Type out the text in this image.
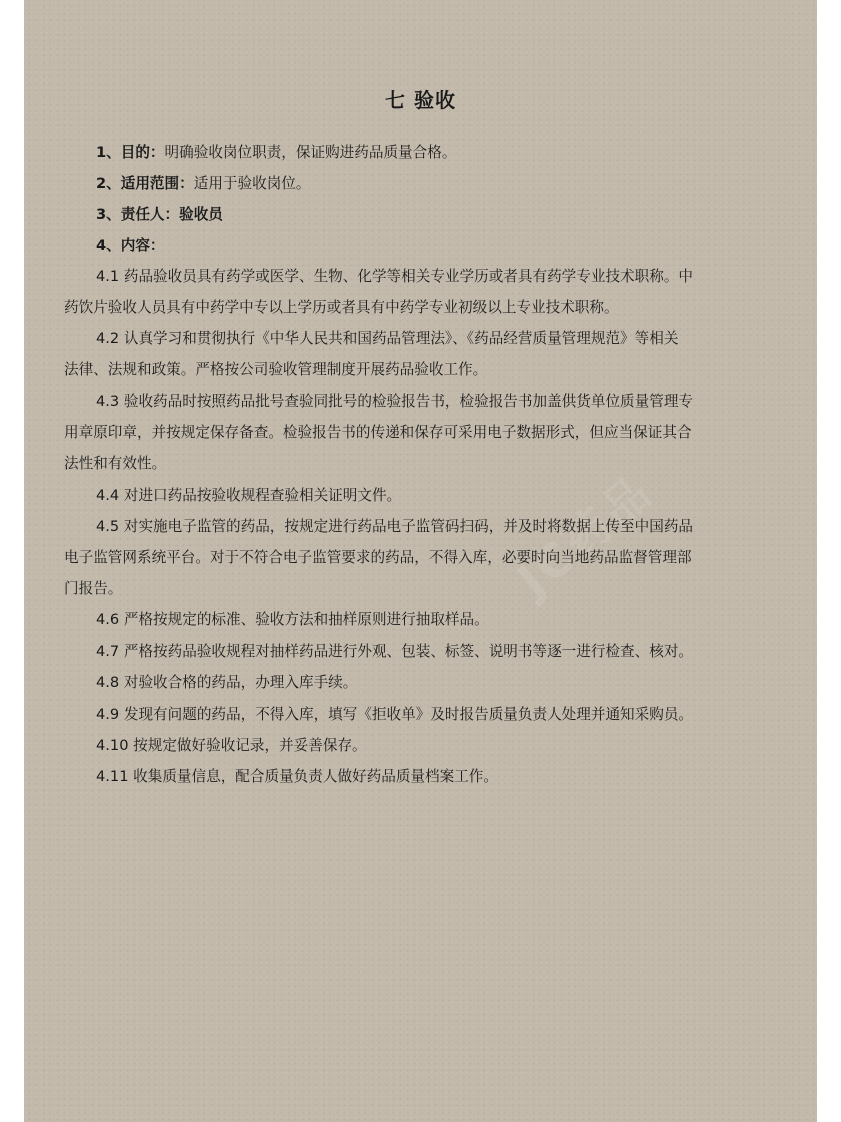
JC药品
七 验收
1、目的：明确验收岗位职责，保证购进药品质量合格。
2、适用范围：适用于验收岗位。
3、责任人：验收员
4、内容：
4.1 药品验收员具有药学或医学、生物、化学等相关专业学历或者具有药学专业技术职称。中
药饮片验收人员具有中药学中专以上学历或者具有中药学专业初级以上专业技术职称。
4.2 认真学习和贯彻执行《中华人民共和国药品管理法》、《药品经营质量管理规范》等相关
法律、法规和政策。严格按公司验收管理制度开展药品验收工作。
4.3 验收药品时按照药品批号查验同批号的检验报告书，检验报告书加盖供货单位质量管理专
用章原印章，并按规定保存备查。检验报告书的传递和保存可采用电子数据形式，但应当保证其合
法性和有效性。
4.4 对进口药品按验收规程查验相关证明文件。
4.5 对实施电子监管的药品，按规定进行药品电子监管码扫码，并及时将数据上传至中国药品
电子监管网系统平台。对于不符合电子监管要求的药品，不得入库，必要时向当地药品监督管理部
门报告。
4.6 严格按规定的标准、验收方法和抽样原则进行抽取样品。
4.7 严格按药品验收规程对抽样药品进行外观、包装、标签、说明书等逐一进行检查、核对。
4.8 对验收合格的药品，办理入库手续。
4.9 发现有问题的药品，不得入库，填写《拒收单》及时报告质量负责人处理并通知采购员。
4.10 按规定做好验收记录，并妥善保存。
4.11 收集质量信息，配合质量负责人做好药品质量档案工作。
